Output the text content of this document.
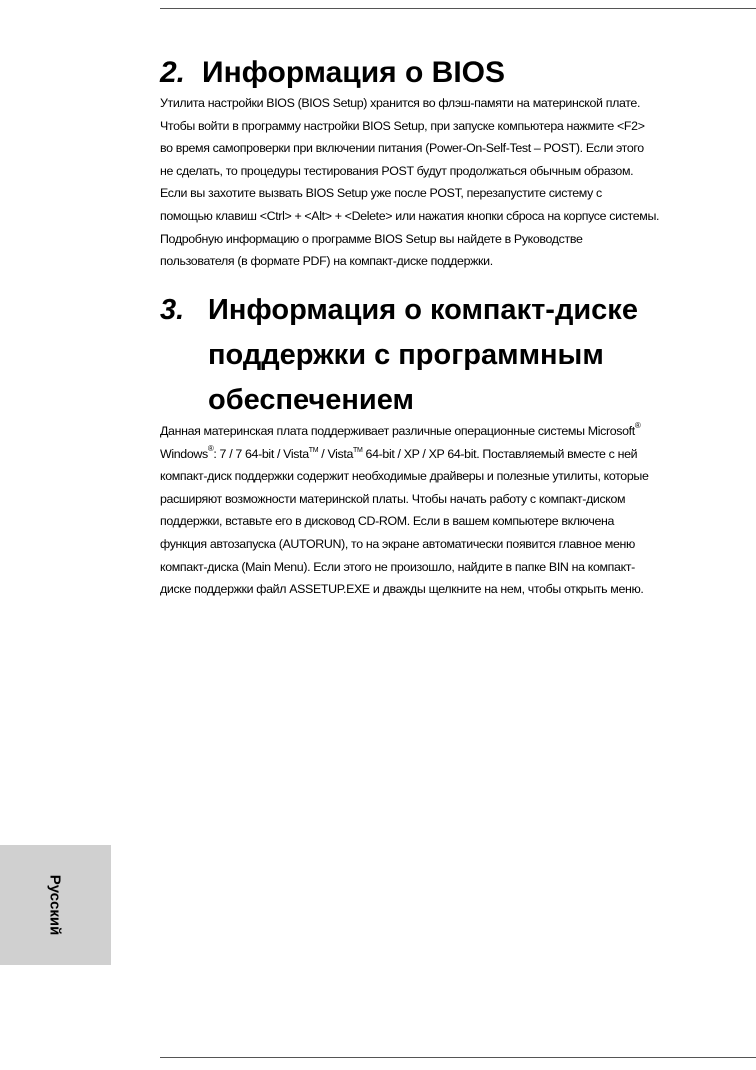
2. Информация о BIOS

Утилита настройки BIOS (BIOS Setup) хранится во флэш-памяти на материнской плате.
Чтобы войти в программу настройки BIOS Setup, при запуске компьютера нажмите <F2>
во время самопроверки при включении питания (Power-On-Self-Test – POST). Если этого
не сделать, то процедуры тестирования POST будут продолжаться обычным образом.
Если вы захотите вызвать BIOS Setup уже после POST, перезапустите систему с
помощью клавиш <Ctrl> + <Alt> + <Delete> или нажатия кнопки сброса на корпусе системы.
Подробную информацию о программе BIOS Setup вы найдете в Руководстве
пользователя (в формате PDF) на компакт-диске поддержки.

3. Информация о компакт-диске поддержки с программным обеспечением

Данная материнская плата поддерживает различные операционные системы Microsoft®
Windows®: 7 / 7 64-bit / Vista™ / Vista™ 64-bit / XP / XP 64-bit. Поставляемый вместе с ней
компакт-диск поддержки содержит необходимые драйверы и полезные утилиты, которые
расширяют возможности материнской платы. Чтобы начать работу с компакт-диском
поддержки, вставьте его в дисковод CD-ROM. Если в вашем компьютере включена
функция автозапуска (AUTORUN), то на экране автоматически появится главное меню
компакт-диска (Main Menu). Если этого не произошло, найдите в папке BIN на компакт-
диске поддержки файл ASSETUP.EXE и дважды щелкните на нем, чтобы открыть меню.

Русский
